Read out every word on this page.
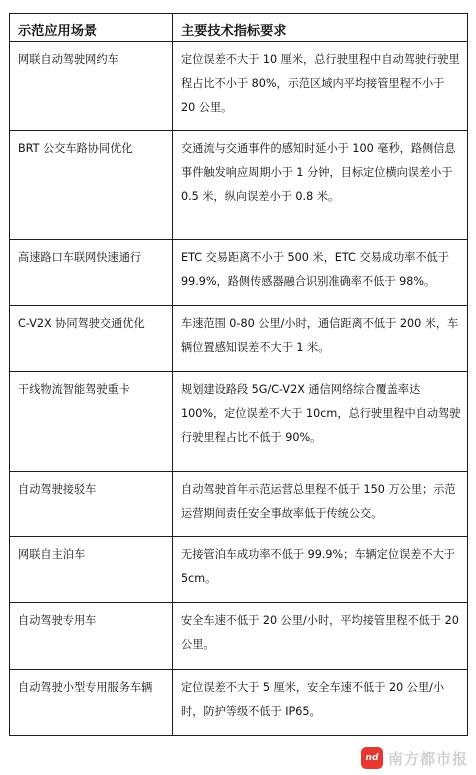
示范应用场景	主要技术指标要求
网联自动驾驶网约车	定位误差不大于 10 厘米，总行驶里程中自动驾驶行驶里程占比不小于 80%，示范区域内平均接管里程不小于 20 公里。

BRT 公交车路协同优化	交通流与交通事件的感知时延小于 100 毫秒，路侧信息事件触发响应周期小于 1 分钟，目标定位横向误差小于 0.5 米，纵向误差小于 0.8 米。

高速路口车联网快速通行	ETC 交易距离不小于 500 米，ETC 交易成功率不低于 99.9%，路侧传感器融合识别准确率不低于 98%。

C-V2X 协同驾驶交通优化	车速范围 0-80 公里/小时，通信距离不低于 200 米，车辆位置感知误差不大于 1 米。

干线物流智能驾驶重卡	规划建设路段 5G/C-V2X 通信网络综合覆盖率达 100%，定位误差不大于 10cm，总行驶里程中自动驾驶行驶里程占比不低于 90%。

自动驾驶接驳车	自动驾驶首年示范运营总里程不低于 150 万公里；示范运营期间责任安全事故率低于传统公交。

网联自主泊车	无接管泊车成功率不低于 99.9%；车辆定位误差不大于 5cm。

自动驾驶专用车	安全车速不低于 20 公里/小时，平均接管里程不低于 20 公里。

自动驾驶小型专用服务车辆	定位误差不大于 5 厘米，安全车速不低于 20 公里/小时，防护等级不低于 IP65。
nd 南方都市报
